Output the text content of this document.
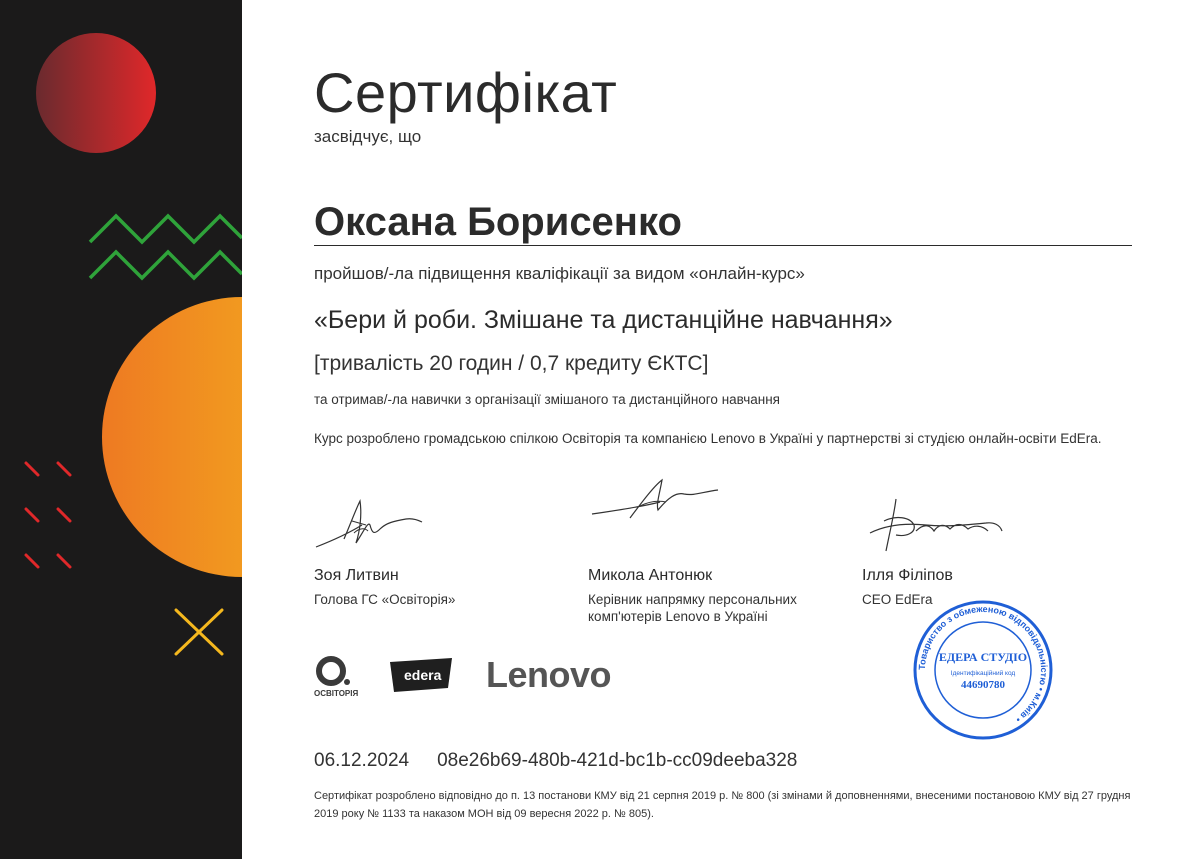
Сертифікат
засвідчує, що
Оксана Борисенко
пройшов/-ла підвищення кваліфікації за видом «онлайн-курс»
«Бери й роби. Змішане та дистанційне навчання»
[тривалість 20 годин / 0,7 кредиту ЄКТС]
та отримав/-ла навички з організації змішаного та дистанційного навчання
Курс розроблено громадською спілкою Освіторія та компанією Lenovo в Україні у партнерстві зі студією онлайн-освіти EdEra.
Зоя Литвин
Голова ГС «Освіторія»
Микола Антонюк
Керівник напрямку персональних комп'ютерів Lenovo в Україні
Ілля Філіпов
CEO EdEra
ОСВІТОРІЯ
edera Lenovo
06.12.2024 08e26b69-480b-421d-bc1b-cc09deeba328
Сертифікат розроблено відповідно до п. 13 постанови КМУ від 21 серпня 2019 р. № 800 (зі змінами й доповненнями, внесеними постановою КМУ від 27 грудня 2019 року № 1133 та наказом МОН від 09 вересня 2022 р. № 805).
Товариство з обмеженою відповідальністю • м.Київ •
ЕДЕРА СТУДІО
Ідентифікаційний код
44690780
